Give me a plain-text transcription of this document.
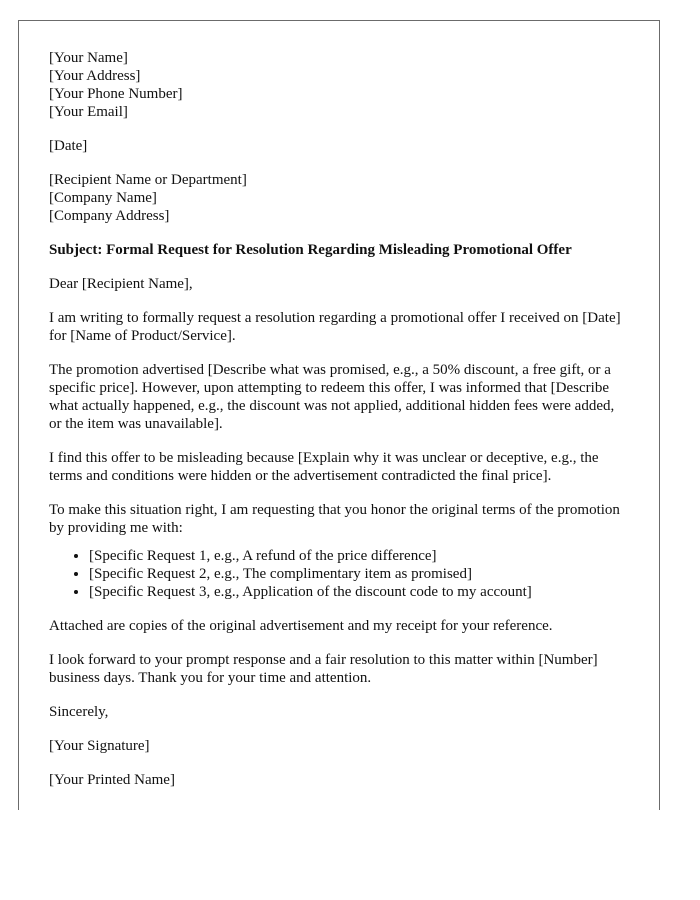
[Your Name]
[Your Address]
[Your Phone Number]
[Your Email]
[Date]
[Recipient Name or Department]
[Company Name]
[Company Address]
Subject: Formal Request for Resolution Regarding Misleading Promotional Offer

Dear [Recipient Name],

I am writing to formally request a resolution regarding a promotional offer I received on [Date] for [Name of Product/Service].

The promotion advertised [Describe what was promised, e.g., a 50% discount, a free gift, or a specific price]. However, upon attempting to redeem this offer, I was informed that [Describe what actually happened, e.g., the discount was not applied, additional hidden fees were added, or the item was unavailable].

I find this offer to be misleading because [Explain why it was unclear or deceptive, e.g., the terms and conditions were hidden or the advertisement contradicted the final price].

To make this situation right, I am requesting that you honor the original terms of the promotion by providing me with:

• [Specific Request 1, e.g., A refund of the price difference]
• [Specific Request 2, e.g., The complimentary item as promised]
• [Specific Request 3, e.g., Application of the discount code to my account]

Attached are copies of the original advertisement and my receipt for your reference.

I look forward to your prompt response and a fair resolution to this matter within [Number] business days. Thank you for your time and attention.

Sincerely,

[Your Signature]

[Your Printed Name]
